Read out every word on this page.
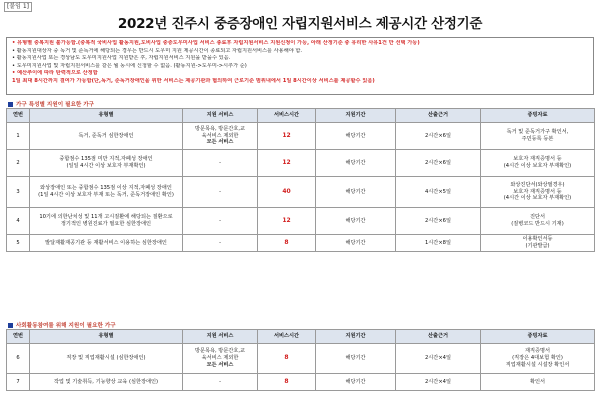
[붙임 1]
2022년 진주시 중증장애인 자립지원서비스 제공시간 산정기준
• 유형별 중복지원 불가능함.(중복적 국비사업 활동지원,도비사업 중증도우미사업 서비스 종료후 자립지원서비스 지원신청이 가능, 아래 산정기준 중 유리한 사유1건 만 선택 가능)
• 활동지원대상자 중 독거 및 준독거에 해당되는 경우는 반드시 도우미 지원 제공시간이 종료되고 자립지원서비스를 사용해야 함.
• 활동지원사업 또는 경상남도 도우미지원사업 지원받은 후, 자립지원서비스 지원을 받을수 있음.
• 도우미지원사업 및 자립지원서비스를 같은 월 동시에 신청할 수 없음. (활동지원->도우미->시추가 순)
• 예산추이에 따라 탄력적으로 산정함
1일 최대 8시간까지 결여가 가능함(단,독거, 준독거장애인을 위한 서비스는 제공기관과 협의하여 근로기준 범위내에서 1일 8시간이상 서비스를 제공할수 있음)
가구 특성별 지원이 필요한 가구
연번	유형별	지원 서비스	서비스시간	지원기간	산출근거	증빙자료
1	독거, 준독거 심한장애인	방문목욕, 방문간호,교
육서비스 제외한
모든 서비스	12	해당기간	2시간×6일	독거 및 준독거가구 확인서,
주민등록 등본

2	중합점수 135점 미만 지적,자폐성 장애인
(일일 4시간 이상 보호자 부재확인)	-	12	해당기간	2시간×6일	보호자 재직증명서 등
(4시간 이상 보호자 부재확인)

3	와상장애인 또는 중합점수 135점 이상 지적,자폐성 장애인
(1일 4시간 이상 보호자 부재 또는 독거, 준독거장애인 확인)	-	40	해당기간	4시간×5일	와상진단서(와상필경우)
보호자 재직증명서 등
(4시간 이상 보호자 부재확인)

4	10기에 의한난치성 및 11개 고시질환에 해당되는 질환으로
정기적인 병원진료가 필요한 심한장애인	-	12	해당기간	2시간×6일	진단서
(질병코드 반드시 기재)

5	발달재활재공기관 등 재활서비스 이용하는 심한장애인	-	8	해당기간	1시간×8일	이용확인서등
(기관발급)
사회활동참여를 위해 지원이 필요한 가구
연번	유형별	지원 서비스	서비스시간	지원기간	산출근거	증빙자료
6	직장 및 직업재활시설 (심한장애인)	방문목욕, 방문간호,교
육서비스 제외한
모든 서비스	8	해당기간	2시간×4일	재직증명서
(직장은 4대보험 확인)
직업재활시설 시설장 확인서

7	작업 및 기술취득, 기능향상 교육 (심한장애인)	-	8	해당기간	2시간×4일	확인서
